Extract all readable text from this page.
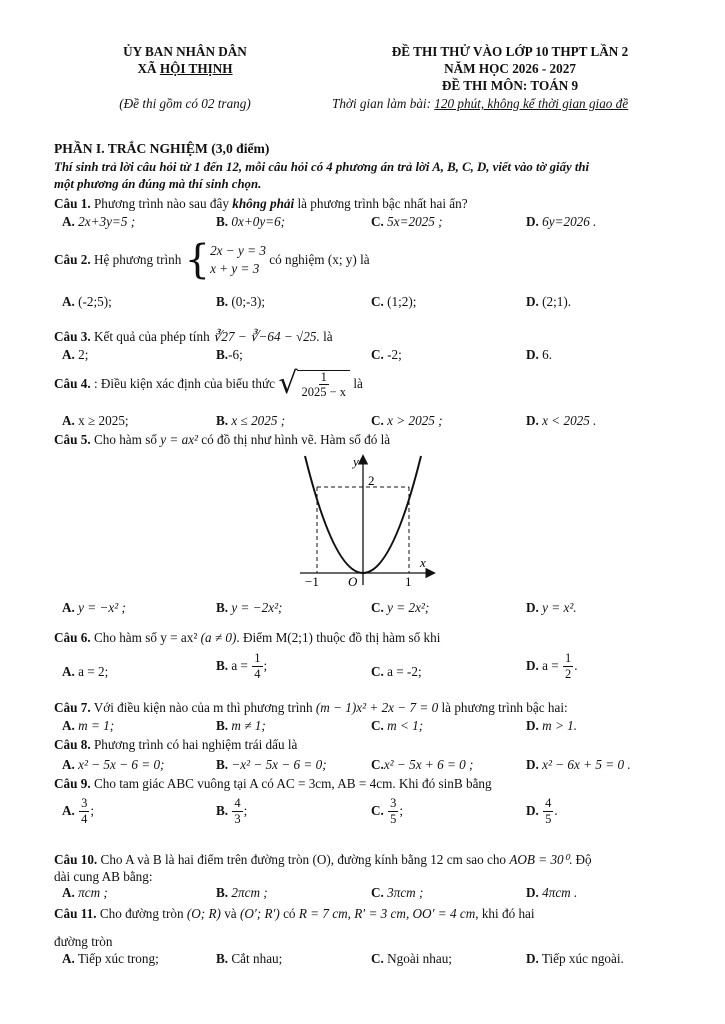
ỦY BAN NHÂN DÂN
XÃ HỘI THỊNH
(Đề thi gồm có 02 trang)
ĐỀ THI THỬ VÀO LỚP 10 THPT LẦN 2
NĂM HỌC 2026 - 2027
ĐỀ THI MÔN: TOÁN 9
Thời gian làm bài: 120 phút, không kể thời gian giao đề
PHẦN I. TRẮC NGHIỆM (3,0 điểm)
Thí sinh trả lời câu hỏi từ 1 đến 12, mỗi câu hỏi có 4 phương án trả lời A, B, C, D, viết vào tờ giấy thi
một phương án đúng mà thí sinh chọn.
Câu 1. Phương trình nào sau đây không phải là phương trình bậc nhất hai ẩn?
A. 2x+3y=5 ;	B. 0x+0y=6;	C. 5x=2025 ;	D. 6y=2026 .
Câu 2. Hệ phương trình { 2x − y = 3
x + y = 3
có nghiệm (x; y) là
A. (-2;5);	B. (0;-3);	C. (1;2);	D. (2;1).
Câu 3. Kết quả của phép tính ∛27 − ∛−64 − √25. là
A. 2;	B.-6;	C. -2;	D. 6.
Câu 4. : Điều kiện xác định của biểu thức √ $\frac{1}{2025 - x}$ là
A. x ≥ 2025;	B. x ≤ 2025 ;	C. x > 2025 ;	D. x < 2025 .
Câu 5. Cho hàm số y = ax² có đồ thị như hình vẽ. Hàm số đó là
y
x
2
−1 O	1
A. y = −x² ;	B. y = −2x²;	C. y = 2x²;	D. y = x².
Câu 6. Cho hàm số y = ax² (a ≠ 0). Điểm M(2;1) thuộc đồ thị hàm số khi
A. a = 2;	B.
$a = \frac{1}{4}$ ;	C. a = -2;	D.
$a = \frac{1}{2}$ .
Câu 7. Với điều kiện nào của m thì phương trình (m − 1)x² + 2x − 7 = 0 là phương trình bậc hai:
A. m = 1;	B. m ≠ 1;	C. m < 1;	D. m > 1.
Câu 8. Phương trình có hai nghiệm trái dấu là
A. x² − 5x − 6 = 0;	B. −x² − 5x − 6 = 0;	C.x² − 5x + 6 = 0 ;	D. x² − 6x + 5 = 0 .
Câu 9. Cho tam giác ABC vuông tại A có AC = 3cm, AB = 4cm. Khi đó sinB bằng
A.
$\frac{3}{4}$ ;	B.
$\frac{4}{3}$ ;	C.
$\frac{3}{5}$ ;	D.
$\frac{4}{5}$ .
Câu 10. Cho A và B là hai điểm trên đường tròn (O), đường kính bằng 12 cm sao cho AOB = 30⁰. Độ
dài cung AB bằng:
A. πcm ;	B. 2πcm ;	C. 3πcm ;	D. 4πcm .
Câu 11. Cho đường tròn (O; R) và (O′; R′) có R = 7 cm, R′ = 3 cm, OO′ = 4 cm, khi đó hai
đường tròn
A. Tiếp xúc trong;	B. Cắt nhau;	C. Ngoài nhau;	D. Tiếp xúc ngoài.
